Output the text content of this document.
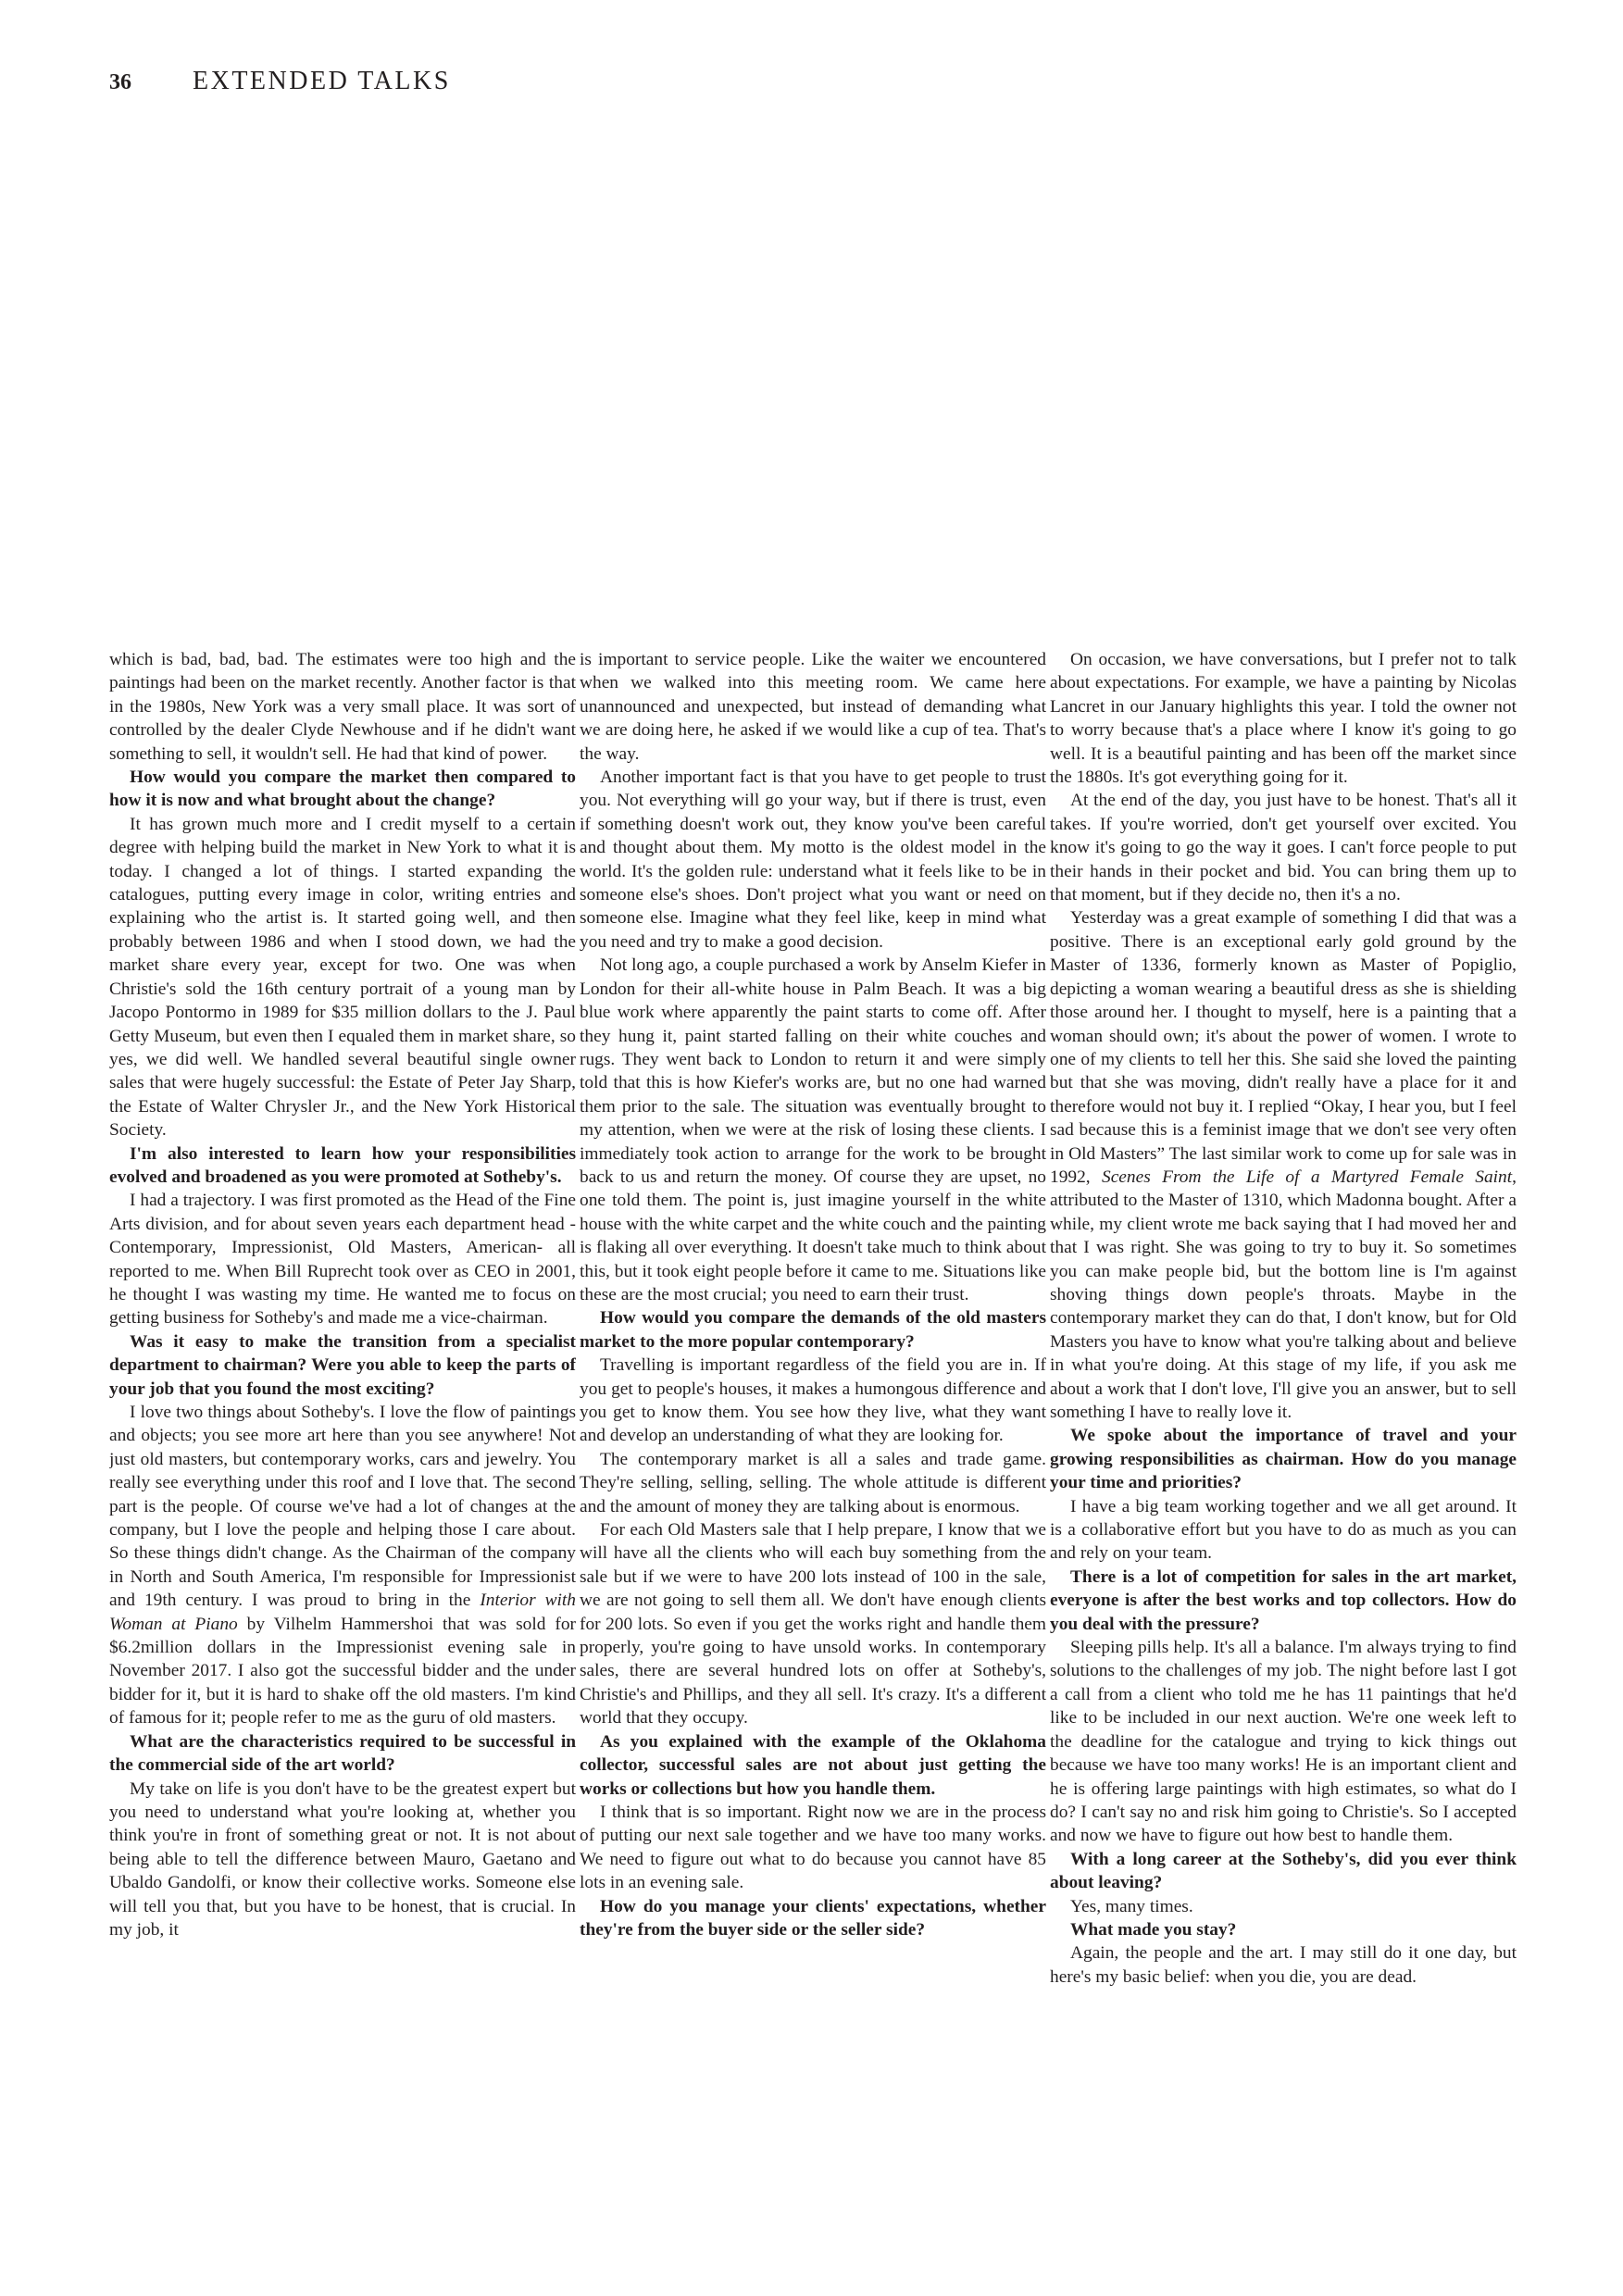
36	EXTENDED TALKS

which is bad, bad, bad. The estimates were too high and the paintings had been on the market recently. Another factor is that in the 1980s, New York was a very small place. It was sort of controlled by the dealer Clyde Newhouse and if he didn't want something to sell, it wouldn't sell. He had that kind of power.

How would you compare the market then compared to how it is now and what brought about the change?

It has grown much more and I credit myself to a certain degree with helping build the market in New York to what it is today. I changed a lot of things. I started expanding the catalogues, putting every image in color, writing entries and explaining who the artist is. It started going well, and then probably between 1986 and when I stood down, we had the market share every year, except for two. One was when Christie's sold the 16th century portrait of a young man by Jacopo Pontormo in 1989 for $35 million dollars to the J. Paul Getty Museum, but even then I equaled them in market share, so yes, we did well. We handled several beautiful single owner sales that were hugely successful: the Estate of Peter Jay Sharp, the Estate of Walter Chrysler Jr., and the New York Historical Society.

I'm also interested to learn how your responsibilities evolved and broadened as you were promoted at Sotheby's.

I had a trajectory. I was first promoted as the Head of the Fine Arts division, and for about seven years each department head -Contemporary, Impressionist, Old Masters, American- all reported to me. When Bill Ruprecht took over as CEO in 2001, he thought I was wasting my time. He wanted me to focus on getting business for Sotheby's and made me a vice-chairman.

Was it easy to make the transition from a specialist department to chairman? Were you able to keep the parts of your job that you found the most exciting?

I love two things about Sotheby's. I love the flow of paintings and objects; you see more art here than you see anywhere! Not just old masters, but contemporary works, cars and jewelry. You really see everything under this roof and I love that. The second part is the people. Of course we've had a lot of changes at the company, but I love the people and helping those I care about. So these things didn't change. As the Chairman of the company in North and South America, I'm responsible for Impressionist and 19th century. I was proud to bring in the Interior with Woman at Piano by Vilhelm Hammershoi that was sold for $6.2million dollars in the Impressionist evening sale in November 2017. I also got the successful bidder and the under bidder for it, but it is hard to shake off the old masters. I'm kind of famous for it; people refer to me as the guru of old masters.

What are the characteristics required to be successful in the commercial side of the art world?

My take on life is you don't have to be the greatest expert but you need to understand what you're looking at, whether you think you're in front of something great or not. It is not about being able to tell the difference between Mauro, Gaetano and Ubaldo Gandolfi, or know their collective works. Someone else will tell you that, but you have to be honest, that is crucial. In my job, it

is important to service people. Like the waiter we encountered when we walked into this meeting room. We came here unannounced and unexpected, but instead of demanding what we are doing here, he asked if we would like a cup of tea. That's the way.

Another important fact is that you have to get people to trust you. Not everything will go your way, but if there is trust, even if something doesn't work out, they know you've been careful and thought about them. My motto is the oldest model in the world. It's the golden rule: understand what it feels like to be in someone else's shoes. Don't project what you want or need on someone else. Imagine what they feel like, keep in mind what you need and try to make a good decision.

Not long ago, a couple purchased a work by Anselm Kiefer in London for their all-white house in Palm Beach. It was a big blue work where apparently the paint starts to come off. After they hung it, paint started falling on their white couches and rugs. They went back to London to return it and were simply told that this is how Kiefer's works are, but no one had warned them prior to the sale. The situation was eventually brought to my attention, when we were at the risk of losing these clients. I immediately took action to arrange for the work to be brought back to us and return the money. Of course they are upset, no one told them. The point is, just imagine yourself in the white house with the white carpet and the white couch and the painting is flaking all over everything. It doesn't take much to think about this, but it took eight people before it came to me. Situations like these are the most crucial; you need to earn their trust.

How would you compare the demands of the old masters market to the more popular contemporary?

Travelling is important regardless of the field you are in. If you get to people's houses, it makes a humongous difference and you get to know them. You see how they live, what they want and develop an understanding of what they are looking for.

The contemporary market is all a sales and trade game. They're selling, selling, selling. The whole attitude is different and the amount of money they are talking about is enormous.

For each Old Masters sale that I help prepare, I know that we will have all the clients who will each buy something from the sale but if we were to have 200 lots instead of 100 in the sale, we are not going to sell them all. We don't have enough clients for 200 lots. So even if you get the works right and handle them properly, you're going to have unsold works. In contemporary sales, there are several hundred lots on offer at Sotheby's, Christie's and Phillips, and they all sell. It's crazy. It's a different world that they occupy.

As you explained with the example of the Oklahoma collector, successful sales are not about just getting the works or collections but how you handle them.

I think that is so important. Right now we are in the process of putting our next sale together and we have too many works. We need to figure out what to do because you cannot have 85 lots in an evening sale.

How do you manage your clients' expectations, whether they're from the buyer side or the seller side?

On occasion, we have conversations, but I prefer not to talk about expectations. For example, we have a painting by Nicolas Lancret in our January highlights this year. I told the owner not to worry because that's a place where I know it's going to go well. It is a beautiful painting and has been off the market since the 1880s. It's got everything going for it.

At the end of the day, you just have to be honest. That's all it takes. If you're worried, don't get yourself over excited. You know it's going to go the way it goes. I can't force people to put their hands in their pocket and bid. You can bring them up to that moment, but if they decide no, then it's a no.

Yesterday was a great example of something I did that was a positive. There is an exceptional early gold ground by the Master of 1336, formerly known as Master of Popiglio, depicting a woman wearing a beautiful dress as she is shielding those around her. I thought to myself, here is a painting that a woman should own; it's about the power of women. I wrote to one of my clients to tell her this. She said she loved the painting but that she was moving, didn't really have a place for it and therefore would not buy it. I replied “Okay, I hear you, but I feel sad because this is a feminist image that we don't see very often in Old Masters” The last similar work to come up for sale was in 1992, Scenes From the Life of a Martyred Female Saint, attributed to the Master of 1310, which Madonna bought. After a while, my client wrote me back saying that I had moved her and that I was right. She was going to try to buy it. So sometimes you can make people bid, but the bottom line is I'm against shoving things down people's throats. Maybe in the contemporary market they can do that, I don't know, but for Old Masters you have to know what you're talking about and believe in what you're doing. At this stage of my life, if you ask me about a work that I don't love, I'll give you an answer, but to sell something I have to really love it.

We spoke about the importance of travel and your growing responsibilities as chairman. How do you manage your time and priorities?

I have a big team working together and we all get around. It is a collaborative effort but you have to do as much as you can and rely on your team.

There is a lot of competition for sales in the art market, everyone is after the best works and top collectors. How do you deal with the pressure?

Sleeping pills help. It's all a balance. I'm always trying to find solutions to the challenges of my job. The night before last I got a call from a client who told me he has 11 paintings that he'd like to be included in our next auction. We're one week left to the deadline for the catalogue and trying to kick things out because we have too many works! He is an important client and he is offering large paintings with high estimates, so what do I do? I can't say no and risk him going to Christie's. So I accepted and now we have to figure out how best to handle them.

With a long career at the Sotheby's, did you ever think about leaving?

Yes, many times.

What made you stay?

Again, the people and the art. I may still do it one day, but here's my basic belief: when you die, you are dead.
